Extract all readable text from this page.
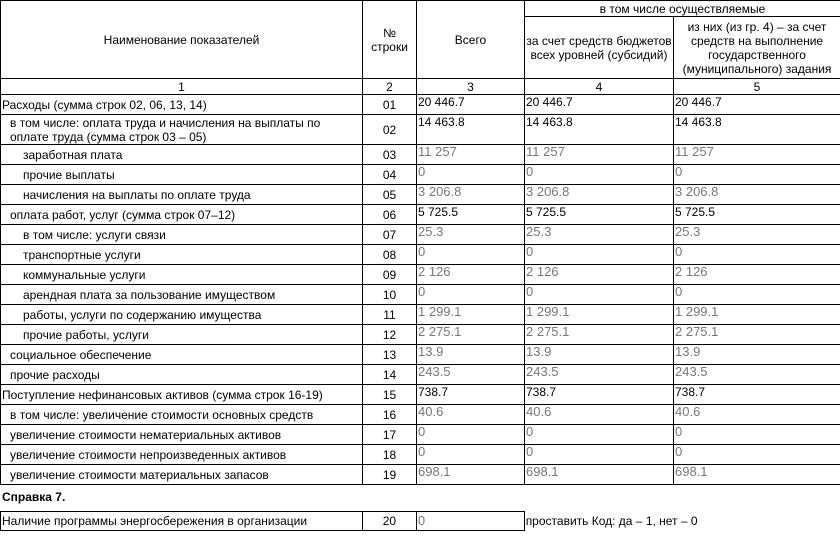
Наименование показателей	№ строки	Всего	в том числе осуществляемые	
			за счет средств бюджетов всех уровней (субсидий)	из них (из гр. 4) – за счет средств на выполнение государственного (муниципального) задания
1	2	3	4	5
Расходы (сумма строк 02, 06, 13, 14)	01	20 446.7	20 446.7	20 446.7
в том числе: оплата труда и начисления на выплаты по оплате труда (сумма строк 03 – 05)	02	14 463.8	14 463.8	14 463.8
заработная плата	03	11 257	11 257	11 257
прочие выплаты	04	0	0	0
начисления на выплаты по оплате труда	05	3 206.8	3 206.8	3 206.8
оплата работ, услуг (сумма строк 07–12)	06	5 725.5	5 725.5	5 725.5
в том числе: услуги связи	07	25.3	25.3	25.3
транспортные услуги	08	0	0	0
коммунальные услуги	09	2 126	2 126	2 126
арендная плата за пользование имуществом	10	0	0	0
работы, услуги по содержанию имущества	11	1 299.1	1 299.1	1 299.1
прочие работы, услуги	12	2 275.1	2 275.1	2 275.1
социальное обеспечение	13	13.9	13.9	13.9
прочие расходы	14	243.5	243.5	243.5
Поступление нефинансовых активов (сумма строк 16-19)	15	738.7	738.7	738.7
в том числе: увеличение стоимости основных средств	16	40.6	40.6	40.6
увеличение стоимости нематериальных активов	17	0	0	0
увеличение стоимости непроизведенных активов	18	0	0	0
увеличение стоимости материальных запасов	19	698.1	698.1	698.1
Справка 7.
Наличие программы энергосбережения в организации	20	0	проставить Код: да – 1, нет – 0
